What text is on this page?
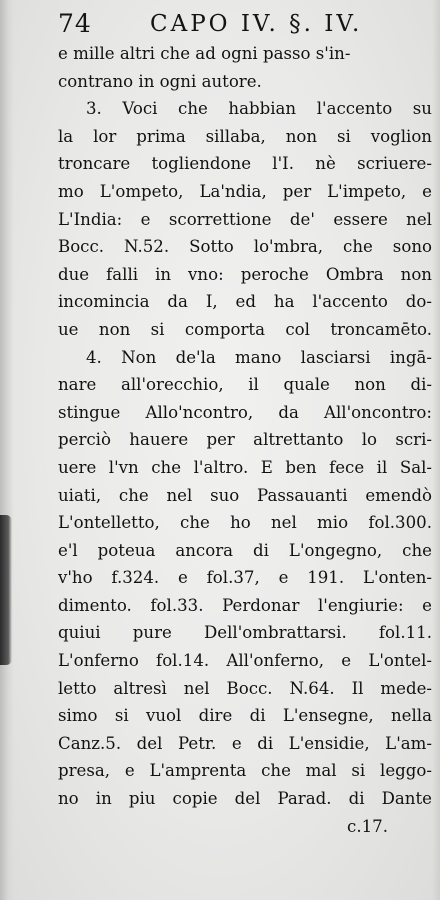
74	CAPO IV. §. IV.
e mille altri che ad ogni passo s'in-
contrano in ogni autore.
3. Voci che habbian l'accento su
la lor prima sillaba, non si voglion
troncare togliendone l'I. nè scriuere-
mo L'ompeto, La'ndia, per L'impeto, e
L'India: e scorrettione de' essere nel
Bocc. N.52. Sotto lo'mbra, che sono
due falli in vno: peroche Ombra non
incomincia da I, ed ha l'accento do-
ue non si comporta col troncamēto.
4. Non de'la mano lasciarsi ingā-
nare all'orecchio, il quale non di-
stingue Allo'ncontro, da All'oncontro:
perciò hauere per altrettanto lo scri-
uere l'vn che l'altro. E ben fece il Sal-
uiati, che nel suo Passauanti emendò
L'ontelletto, che ho nel mio fol.300.
e'l poteua ancora di L'ongegno, che
v'ho f.324. e fol.37, e 191. L'onten-
dimento. fol.33. Perdonar l'engiurie: e
quiui pure Dell'ombrattarsi. fol.11.
L'onferno fol.14. All'onferno, e L'ontel-
letto altresì nel Bocc. N.64. Il mede-
simo si vuol dire di L'ensegne, nella
Canz.5. del Petr. e di L'ensidie, L'am-
presa, e L'amprenta che mal si leggo-
no in piu copie del Parad. di Dante
c.17.
